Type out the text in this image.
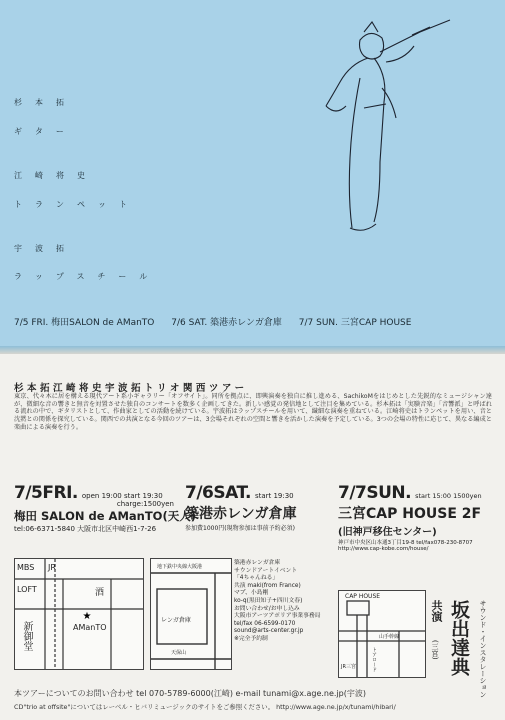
杉本拓
ギター
江崎将史
トランペット
宇波拓
ラップスチール
7/5 FRI. 梅田SALON de AManTO 7/6 SAT. 築港赤レンガ倉庫 7/7 SUN. 三宮CAP HOUSE
杉本拓江崎将史宇波拓トリオ関西ツアー
東京、代々木に居を構える現代アート系小ギャラリー「オフサイト」。同所を拠点に、即興演奏を独自に推し進める、SachikoMをはじめとした先鋭的なミュージシャン達が、微細な音の響きと無音を対置させた独自のコンサートを数多く企画してきた。新しい感覚の発信地として注目を集めている。杉本拓は「実験音楽」「音響派」と呼ばれる流れの中で、ギタリストとして、作曲家としての活動を続けている。宇波拓はラップスチールを用いて、繊細な演奏を重ねている。江崎将史はトランペットを用い、音と沈黙との関係を探究している。関西での共演となる今回のツアーは、3会場それぞれの空間と響きを活かした演奏を予定している。3つの会場の特性に応じて、異なる編成と楽曲による演奏を行う。
7/5FRI. open 19:00 start 19:30
charge:1500yen
梅田 SALON de AManTO(天人)
tel:06-6371-5840 大阪市北区中崎西1-7-26
7/6SAT. start 19:30
築港赤レンガ倉庫
参加費1000円(現物参加は事前予約必須)
7/7SUN. start 15:00 1500yen
三宮CAP HOUSE 2F
(旧神戸移住センター)
神戸市中央区山本通3丁目19-8 tel/fax078-230-8707 http://www.cap-kobe.com/house/
★
MBS JR
LOFT
新御堂	AManTO
酒
地下鉄中央線大阪港
レンガ倉庫
天保山
築港赤レンガ倉庫
サウンドアートイベント
「4ちゃんねる」
共演 maki(from France)
マプ、小島剛
ko-q(黒田知子+四川文春)
お問い合わせ/お申し込み
大阪市アーツアポリア事業事務局
tel/fax 06-6599-0170
sound@arts-center.gr.jp
※完全予約制
CAP HOUSE
JR三宮
山手幹線
トアロード
共演 坂出達典	サウンド・インスタレーション
(三宮)
本ツアーについてのお問い合わせ tel 070-5789-6000(江崎) e-mail tunami@x.age.ne.jp(宇波)
CD"trio at offsite"についてはレーベル・ヒバリミュージックのサイトをご参照ください。 http://www.age.ne.jp/x/tunami/hibari/
